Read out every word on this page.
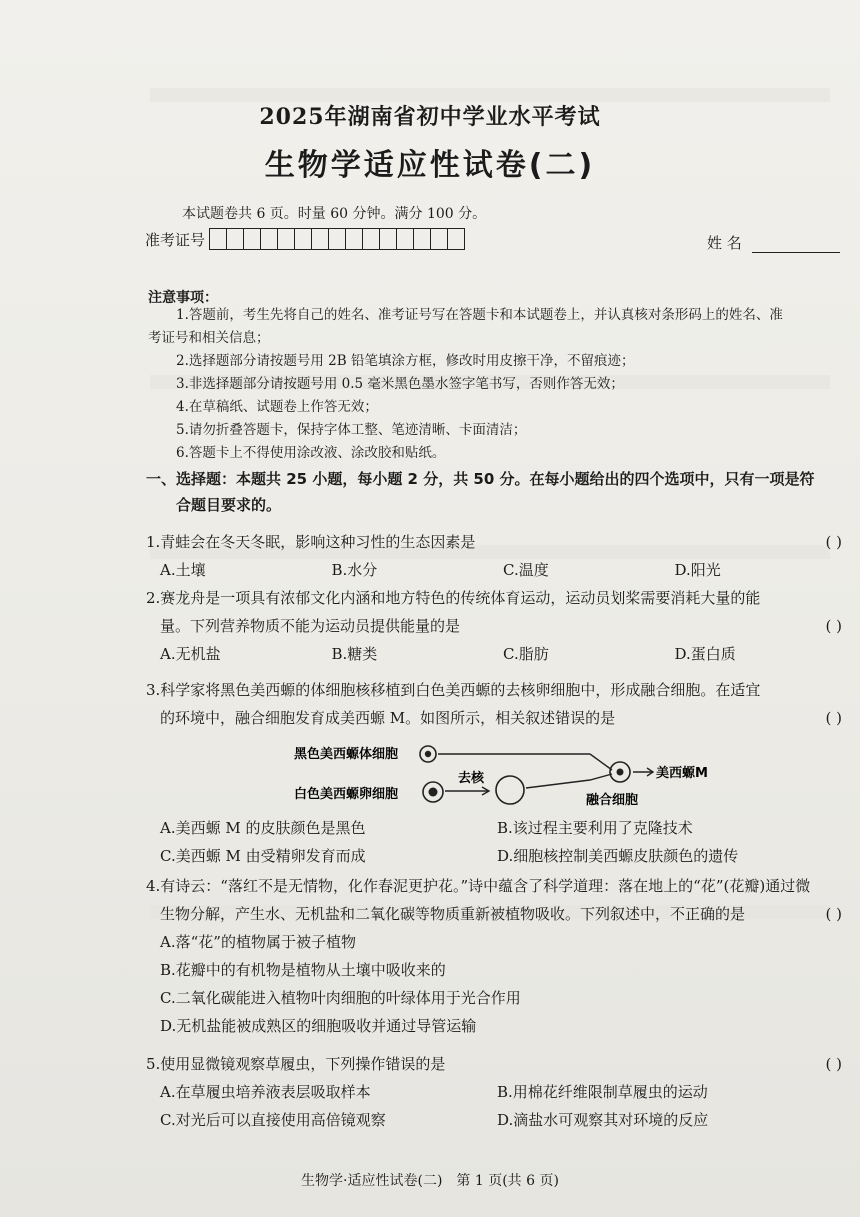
2025年湖南省初中学业水平考试
生物学适应性试卷(二)
本试题卷共 6 页。时量 60 分钟。满分 100 分。
准考证号	姓 名
注意事项：

1.答题前，考生先将自己的姓名、准考证号写在答题卡和本试题卷上，并认真核对条形码上的姓名、准

考证号和相关信息；

2.选择题部分请按题号用 2B 铅笔填涂方框，修改时用皮擦干净，不留痕迹；

3.非选择题部分请按题号用 0.5 毫米黑色墨水签字笔书写，否则作答无效；

4.在草稿纸、试题卷上作答无效；

5.请勿折叠答题卡，保持字体工整、笔迹清晰、卡面清洁；

6.答题卡上不得使用涂改液、涂改胶和贴纸。

一、选择题：本题共 25 小题，每小题 2 分，共 50 分。在每小题给出的四个选项中，只有一项是符

合题目要求的。

( )
1.青蛙会在冬天冬眠，影响这种习性的生态因素是

A.土壤	B.水分	C.温度	D.阳光

2.赛龙舟是一项具有浓郁文化内涵和地方特色的传统体育运动，运动员划桨需要消耗大量的能

( )
量。下列营养物质不能为运动员提供能量的是

A.无机盐	B.糖类	C.脂肪	D.蛋白质

3.科学家将黑色美西螈的体细胞核移植到白色美西螈的去核卵细胞中，形成融合细胞。在适宜

( )
的环境中，融合细胞发育成美西螈 M。如图所示，相关叙述错误的是

黑色美西螈体细胞
白色美西螈卵细胞
去核	美西螈M
融合细胞

A.美西螈 M 的皮肤颜色是黑色	B.该过程主要利用了克隆技术

C.美西螈 M 由受精卵发育而成	D.细胞核控制美西螈皮肤颜色的遗传

4.有诗云：“落红不是无情物，化作春泥更护花。”诗中蕴含了科学道理：落在地上的“花”(花瓣)通过微

( )
生物分解，产生水、无机盐和二氧化碳等物质重新被植物吸收。下列叙述中，不正确的是

A.落“花”的植物属于被子植物

B.花瓣中的有机物是植物从土壤中吸收来的

C.二氧化碳能进入植物叶肉细胞的叶绿体用于光合作用

D.无机盐能被成熟区的细胞吸收并通过导管运输

( )
5.使用显微镜观察草履虫，下列操作错误的是

A.在草履虫培养液表层吸取样本	B.用棉花纤维限制草履虫的运动

C.对光后可以直接使用高倍镜观察	D.滴盐水可观察其对环境的反应

生物学·适应性试卷(二)　第 1 页(共 6 页)
